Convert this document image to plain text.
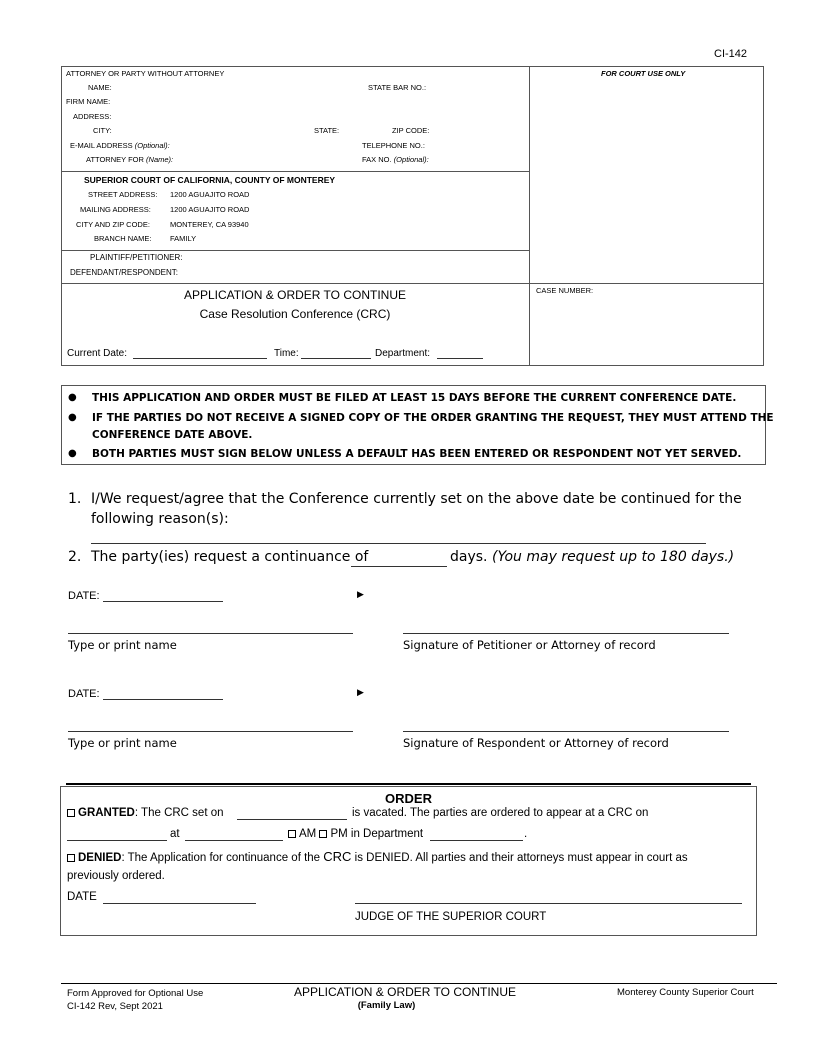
CI-142
ATTORNEY OR PARTY WITHOUT ATTORNEY
NAME:	STATE BAR NO.:
FIRM NAME:
ADDRESS:
CITY:	STATE:	ZIP CODE:
E-MAIL ADDRESS (Optional):	TELEPHONE NO.:
ATTORNEY FOR (Name):	FAX NO. (Optional):
FOR COURT USE ONLY
SUPERIOR COURT OF CALIFORNIA, COUNTY OF MONTEREY
STREET ADDRESS: 1200 AGUAJITO ROAD
MAILING ADDRESS:	1200 AGUAJITO ROAD
CITY AND ZIP CODE:	MONTEREY, CA 93940
BRANCH NAME: FAMILY
PLAINTIFF/PETITIONER:
DEFENDANT/RESPONDENT:
APPLICATION & ORDER TO CONTINUE
Case Resolution Conference (CRC)
CASE NUMBER:
Current Date:	Time:	Department:
● THIS APPLICATION AND ORDER MUST BE FILED AT LEAST 15 DAYS BEFORE THE CURRENT CONFERENCE DATE.
● IF THE PARTIES DO NOT RECEIVE A SIGNED COPY OF THE ORDER GRANTING THE REQUEST, THEY MUST ATTEND THE
CONFERENCE DATE ABOVE.
● BOTH PARTIES MUST SIGN BELOW UNLESS A DEFAULT HAS BEEN ENTERED OR RESPONDENT NOT YET SERVED.
1. I/We request/agree that the Conference currently set on the above date be continued for the
following reason(s):
2. The party(ies) request a continuance of	days. (You may request up to 180 days.)
DATE:	▶
Type or print name	Signature of Petitioner or Attorney of record
DATE:	▶
Type or print name	Signature of Respondent or Attorney of record
ORDER
GRANTED: The CRC set on	is vacated. The parties are ordered to appear at a CRC on
at	AM PM in Department	.
DENIED: The Application for continuance of the CRC is DENIED. All parties and their attorneys must appear in court as
previously ordered.
DATE
JUDGE OF THE SUPERIOR COURT
Form Approved for Optional Use
CI-142 Rev, Sept 2021
APPLICATION & ORDER TO CONTINUE
(Family Law)
Monterey County Superior Court
